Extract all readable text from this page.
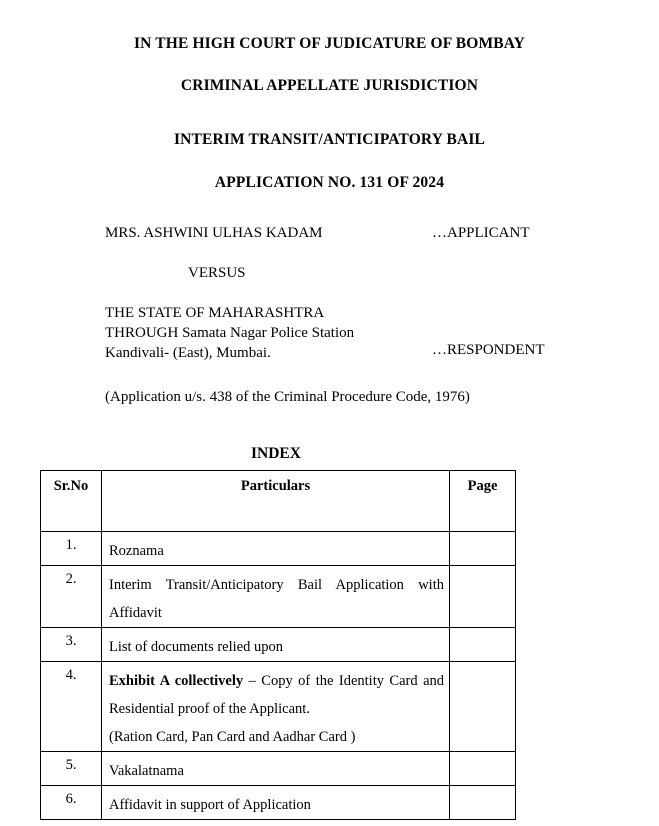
IN THE HIGH COURT OF JUDICATURE OF BOMBAY
CRIMINAL APPELLATE JURISDICTION
INTERIM TRANSIT/ANTICIPATORY BAIL
APPLICATION NO. 131 OF 2024
MRS. ASHWINI ULHAS KADAM	…APPLICANT
VERSUS
THE STATE OF MAHARASHTRA
THROUGH Samata Nagar Police Station
Kandivali- (East), Mumbai.	…RESPONDENT
(Application u/s. 438 of the Criminal Procedure Code, 1976)
INDEX
Sr.No	Particulars	Page

1.	Roznama	

2.	Interim Transit/Anticipatory Bail Application with Affidavit	

3.	List of documents relied upon	

4.	Exhibit A collectively – Copy of the Identity Card and Residential proof of the Applicant.
(Ration Card, Pan Card and Aadhar Card )	

5.	Vakalatnama	

6.	Affidavit in support of Application	
